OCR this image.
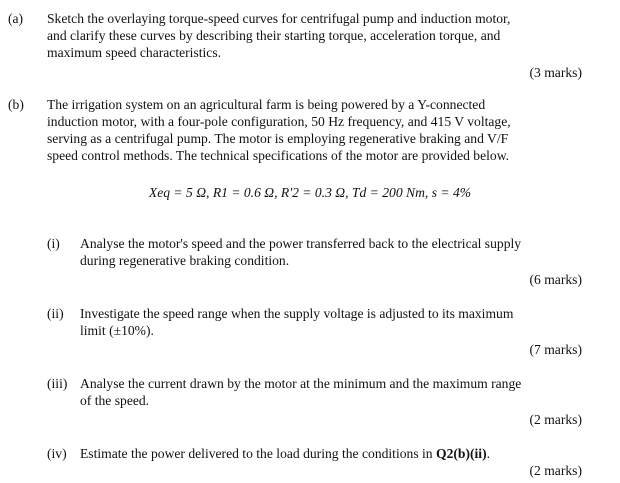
(a) Sketch the overlaying torque-speed curves for centrifugal pump and induction motor,
and clarify these curves by describing their starting torque, acceleration torque, and
maximum speed characteristics.
(3 marks)
(b) The irrigation system on an agricultural farm is being powered by a Y-connected
induction motor, with a four-pole configuration, 50 Hz frequency, and 415 V voltage,
serving as a centrifugal pump. The motor is employing regenerative braking and V/F
speed control methods. The technical specifications of the motor are provided below.
Xeq = 5 Ω, R1 = 0.6 Ω, R'2 = 0.3 Ω, Td = 200 Nm, s = 4%
(i) Analyse the motor's speed and the power transferred back to the electrical supply
during regenerative braking condition.
(6 marks)
(ii) Investigate the speed range when the supply voltage is adjusted to its maximum
limit (±10%).
(7 marks)
(iii) Analyse the current drawn by the motor at the minimum and the maximum range
of the speed.
(2 marks)
(iv) Estimate the power delivered to the load during the conditions in Q2(b)(ii).
(2 marks)
